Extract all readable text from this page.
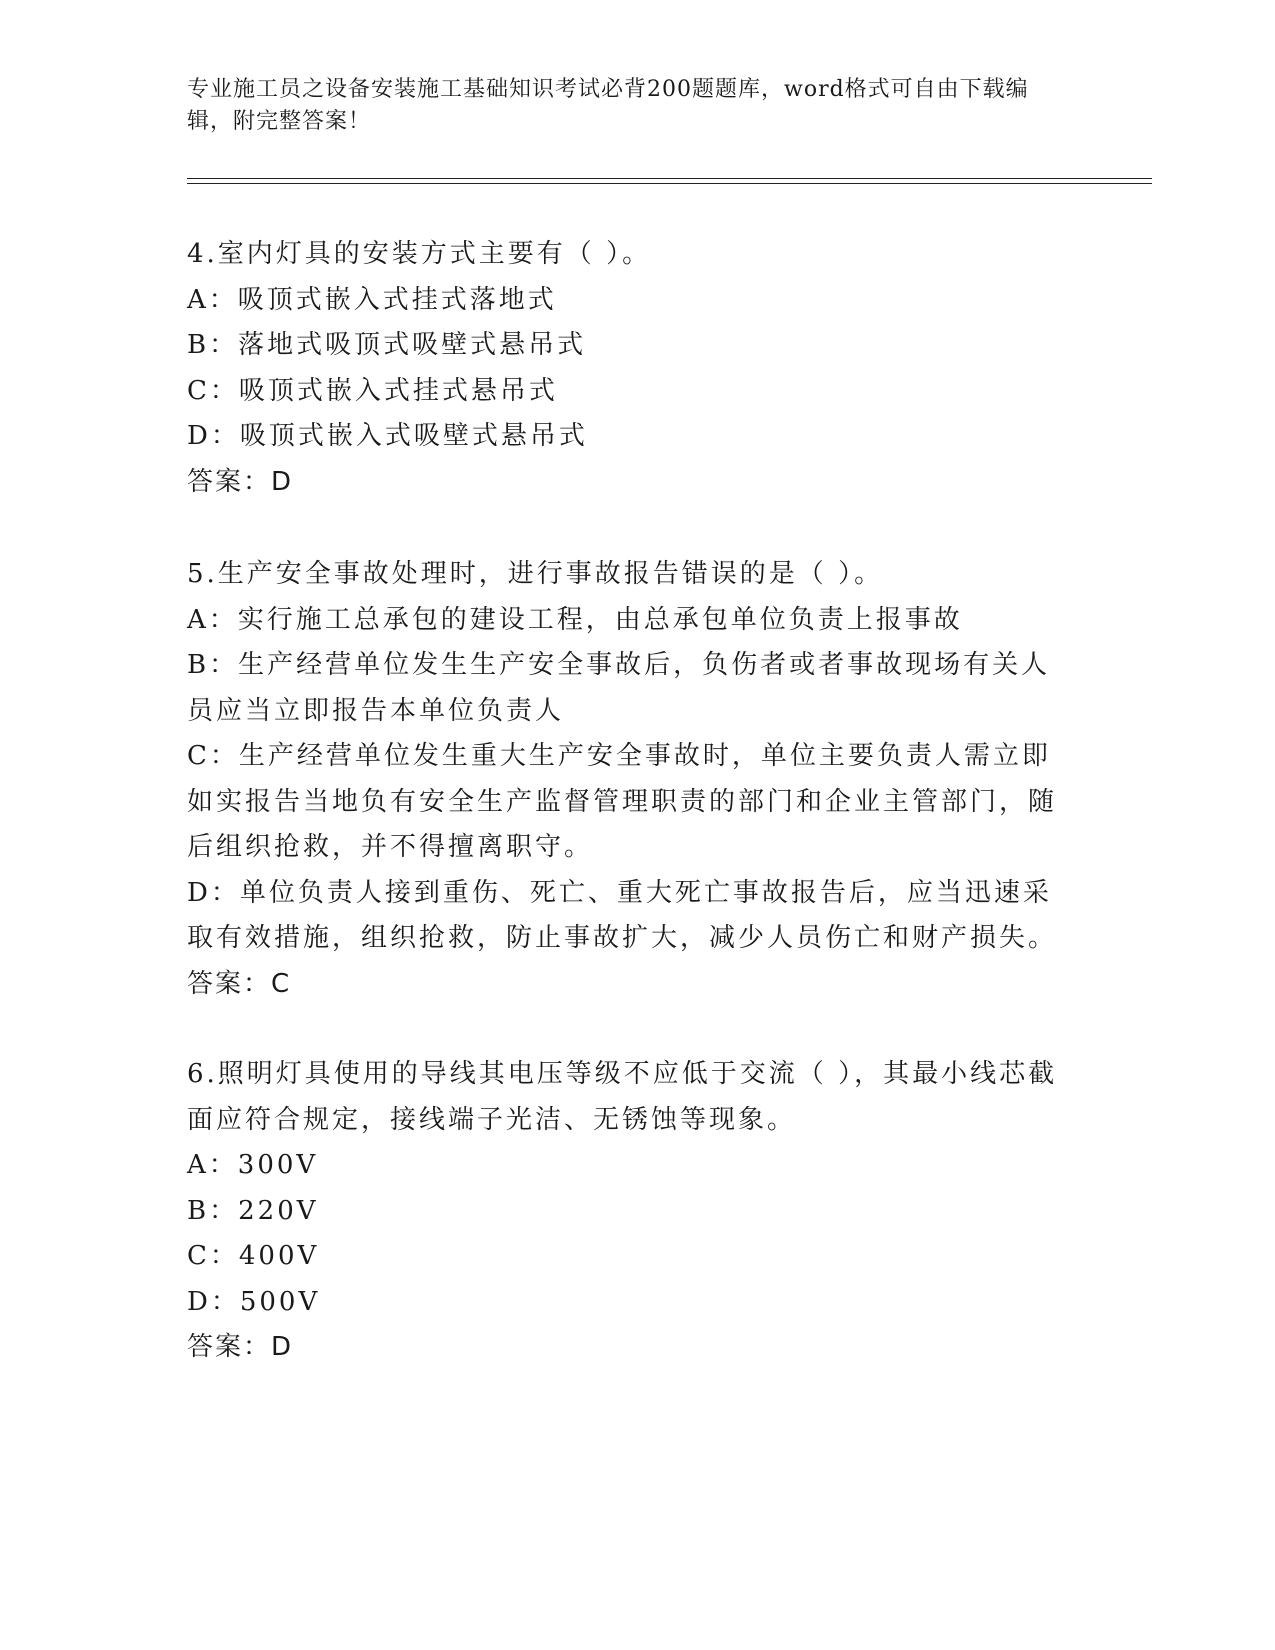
专业施工员之设备安装施工基础知识考试必背200题题库，word格式可自由下载编辑，附完整答案！
4.室内灯具的安装方式主要有（ ）。
A：吸顶式嵌入式挂式落地式
B：落地式吸顶式吸壁式悬吊式
C：吸顶式嵌入式挂式悬吊式
D：吸顶式嵌入式吸壁式悬吊式
答案：D
5.生产安全事故处理时，进行事故报告错误的是（ ）。
A：实行施工总承包的建设工程，由总承包单位负责上报事故
B：生产经营单位发生生产安全事故后，负伤者或者事故现场有关人员应当立即报告本单位负责人
C：生产经营单位发生重大生产安全事故时，单位主要负责人需立即如实报告当地负有安全生产监督管理职责的部门和企业主管部门，随后组织抢救，并不得擅离职守。
D：单位负责人接到重伤、死亡、重大死亡事故报告后，应当迅速采取有效措施，组织抢救，防止事故扩大，减少人员伤亡和财产损失。
答案：C
6.照明灯具使用的导线其电压等级不应低于交流（ ），其最小线芯截面应符合规定，接线端子光洁、无锈蚀等现象。
A：300V
B：220V
C：400V
D：500V
答案：D
